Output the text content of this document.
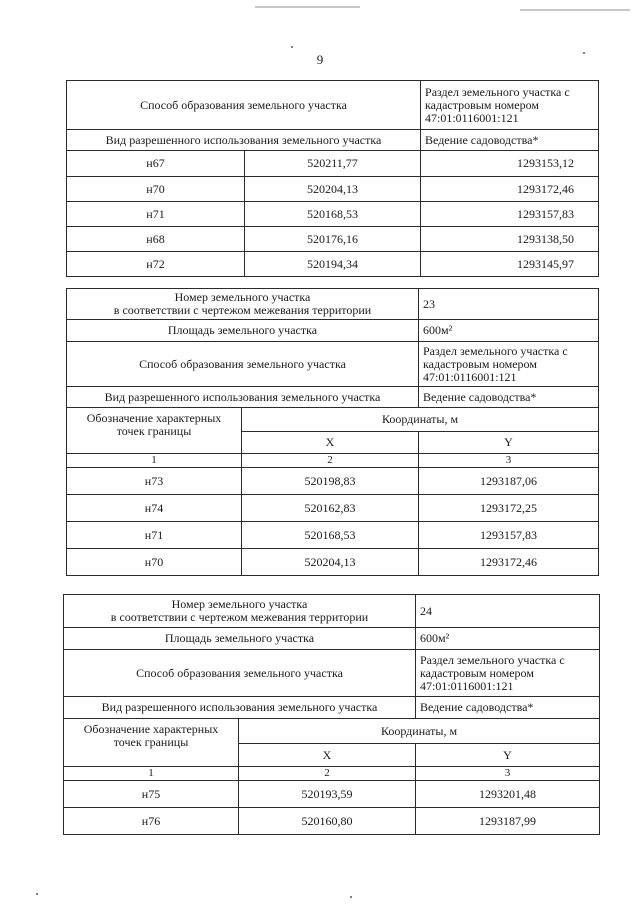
9
Способ образования земельного участка		Раздел земельного участка с
кадастровым номером
47:01:0116001:121
Вид разрешенного использования земельного участка		Ведение садоводства*
н67	520211,77	1293153,12
н70	520204,13	1293172,46
н71	520168,53	1293157,83
н68	520176,16	1293138,50
н72	520194,34	1293145,97
Номер земельного участка
в соответствии с чертежом межевания территории		23
Площадь земельного участка		600м²
Способ образования земельного участка		Раздел земельного участка с
кадастровым номером
47:01:0116001:121
Вид разрешенного использования земельного участка		Ведение садоводства*
Обозначение характерных
точек границы	Координаты, м	
	X	Y
1	2	3
н73	520198,83	1293187,06
н74	520162,83	1293172,25
н71	520168,53	1293157,83
н70	520204,13	1293172,46
Номер земельного участка
в соответствии с чертежом межевания территории		24
Площадь земельного участка		600м²
Способ образования земельного участка		Раздел земельного участка с
кадастровым номером
47:01:0116001:121
Вид разрешенного использования земельного участка		Ведение садоводства*
Обозначение характерных
точек границы	Координаты, м	
	X	Y
1	2	3
н75	520193,59	1293201,48
н76	520160,80	1293187,99
